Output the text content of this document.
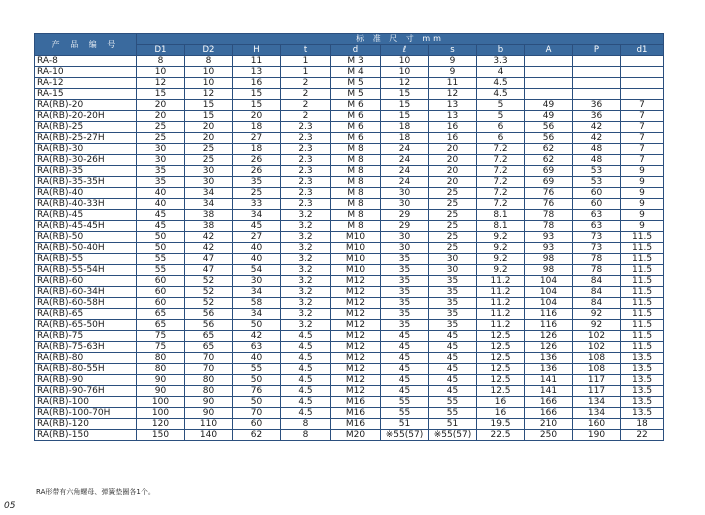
产 品 编 号	标 准 尺 寸 mm										
	D1	D2	H	t	d	ℓ	s	b	A	P	d1
RA-8	8	8	11	1	M 3	10	9	3.3			
RA-10	10	10	13	1	M 4	10	9	4			
RA-12	12	10	16	2	M 5	12	11	4.5			
RA-15	15	12	15	2	M 5	15	12	4.5			
RA(RB)-20	20	15	15	2	M 6	15	13	5	49	36	7
RA(RB)-20-20H	20	15	20	2	M 6	15	13	5	49	36	7
RA(RB)-25	25	20	18	2.3	M 6	18	16	6	56	42	7
RA(RB)-25-27H	25	20	27	2.3	M 6	18	16	6	56	42	7
RA(RB)-30	30	25	18	2.3	M 8	24	20	7.2	62	48	7
RA(RB)-30-26H	30	25	26	2.3	M 8	24	20	7.2	62	48	7
RA(RB)-35	35	30	26	2.3	M 8	24	20	7.2	69	53	9
RA(RB)-35-35H	35	30	35	2.3	M 8	24	20	7.2	69	53	9
RA(RB)-40	40	34	25	2.3	M 8	30	25	7.2	76	60	9
RA(RB)-40-33H	40	34	33	2.3	M 8	30	25	7.2	76	60	9
RA(RB)-45	45	38	34	3.2	M 8	29	25	8.1	78	63	9
RA(RB)-45-45H	45	38	45	3.2	M 8	29	25	8.1	78	63	9
RA(RB)-50	50	42	27	3.2	M10	30	25	9.2	93	73	11.5
RA(RB)-50-40H	50	42	40	3.2	M10	30	25	9.2	93	73	11.5
RA(RB)-55	55	47	40	3.2	M10	35	30	9.2	98	78	11.5
RA(RB)-55-54H	55	47	54	3.2	M10	35	30	9.2	98	78	11.5
RA(RB)-60	60	52	30	3.2	M12	35	35	11.2	104	84	11.5
RA(RB)-60-34H	60	52	34	3.2	M12	35	35	11.2	104	84	11.5
RA(RB)-60-58H	60	52	58	3.2	M12	35	35	11.2	104	84	11.5
RA(RB)-65	65	56	34	3.2	M12	35	35	11.2	116	92	11.5
RA(RB)-65-50H	65	56	50	3.2	M12	35	35	11.2	116	92	11.5
RA(RB)-75	75	65	42	4.5	M12	45	45	12.5	126	102	11.5
RA(RB)-75-63H	75	65	63	4.5	M12	45	45	12.5	126	102	11.5
RA(RB)-80	80	70	40	4.5	M12	45	45	12.5	136	108	13.5
RA(RB)-80-55H	80	70	55	4.5	M12	45	45	12.5	136	108	13.5
RA(RB)-90	90	80	50	4.5	M12	45	45	12.5	141	117	13.5
RA(RB)-90-76H	90	80	76	4.5	M12	45	45	12.5	141	117	13.5
RA(RB)-100	100	90	50	4.5	M16	55	55	16	166	134	13.5
RA(RB)-100-70H	100	90	70	4.5	M16	55	55	16	166	134	13.5
RA(RB)-120	120	110	60	8	M16	51	51	19.5	210	160	18
RA(RB)-150	150	140	62	8	M20	※55(57)	※55(57)	22.5	250	190	22
RA形带有六角螺母、弹簧垫圈各1个。
05
